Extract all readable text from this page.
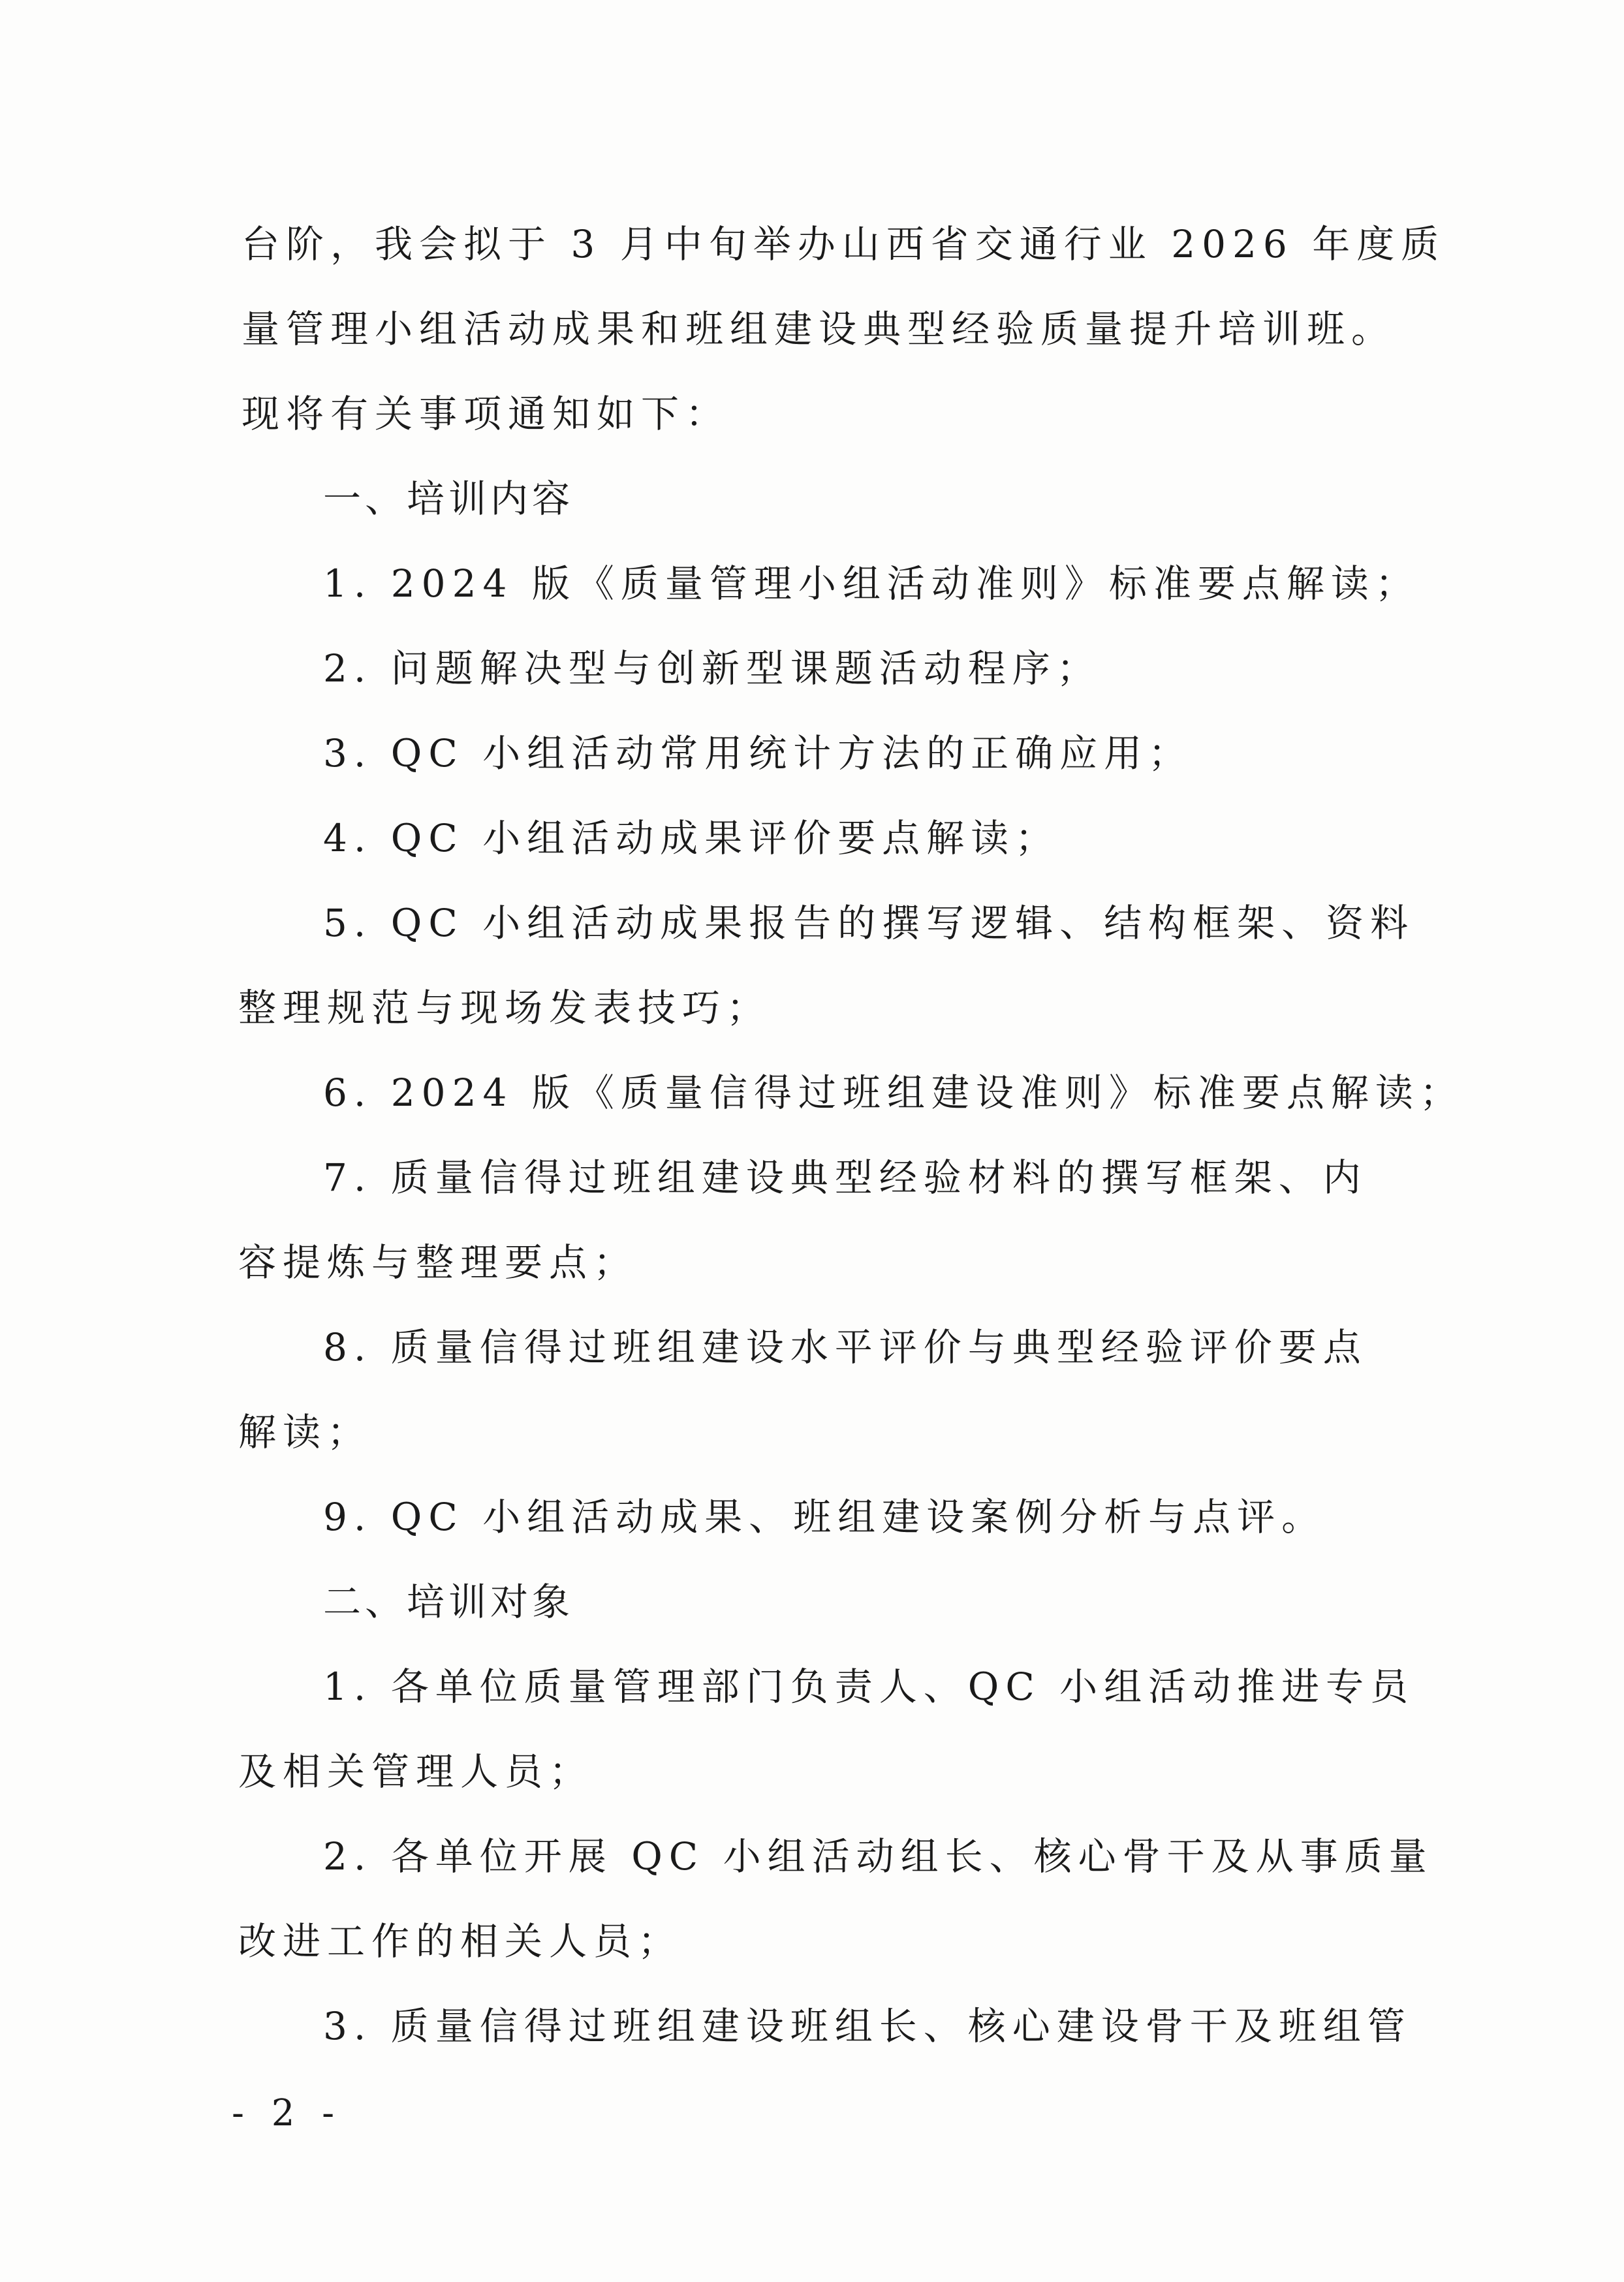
台阶，我会拟于 3 月中旬举办山西省交通行业 2026 年度质
量管理小组活动成果和班组建设典型经验质量提升培训班。
现将有关事项通知如下：
一、培训内容
1. 2024 版《质量管理小组活动准则》标准要点解读；
2. 问题解决型与创新型课题活动程序；
3. QC 小组活动常用统计方法的正确应用；
4. QC 小组活动成果评价要点解读；
5. QC 小组活动成果报告的撰写逻辑、结构框架、资料
整理规范与现场发表技巧；
6. 2024 版《质量信得过班组建设准则》标准要点解读；
7. 质量信得过班组建设典型经验材料的撰写框架、内
容提炼与整理要点；
8. 质量信得过班组建设水平评价与典型经验评价要点
解读；
9. QC 小组活动成果、班组建设案例分析与点评。
二、培训对象
1. 各单位质量管理部门负责人、QC 小组活动推进专员
及相关管理人员；
2. 各单位开展 QC 小组活动组长、核心骨干及从事质量
改进工作的相关人员；
3. 质量信得过班组建设班组长、核心建设骨干及班组管
- 2 -
